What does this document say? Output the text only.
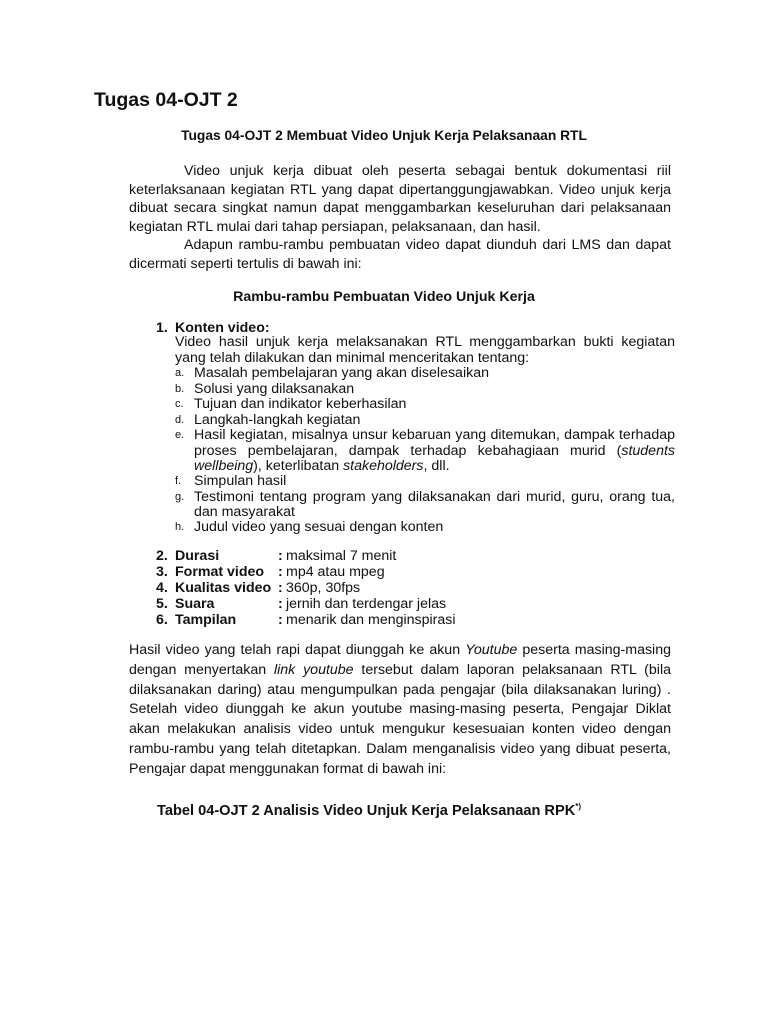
Tugas 04-OJT 2
Tugas 04-OJT 2 Membuat Video Unjuk Kerja Pelaksanaan RTL

Video unjuk kerja dibuat oleh peserta sebagai bentuk dokumentasi riil keterlaksanaan kegiatan RTL yang dapat dipertanggungjawabkan. Video unjuk kerja dibuat secara singkat namun dapat menggambarkan keseluruhan dari pelaksanaan kegiatan RTL mulai dari tahap persiapan, pelaksanaan, dan hasil.

Adapun rambu-rambu pembuatan video dapat diunduh dari LMS dan dapat dicermati seperti tertulis di bawah ini:

Rambu-rambu Pembuatan Video Unjuk Kerja
1. Konten video:
Video hasil unjuk kerja melaksanakan RTL menggambarkan bukti kegiatan yang telah dilakukan dan minimal menceritakan tentang:
a. Masalah pembelajaran yang akan diselesaikan
b. Solusi yang dilaksanakan
c. Tujuan dan indikator keberhasilan
d. Langkah-langkah kegiatan
e. Hasil kegiatan, misalnya unsur kebaruan yang ditemukan, dampak terhadap proses pembelajaran, dampak terhadap kebahagiaan murid (students wellbeing), keterlibatan stakeholders, dll.
f. Simpulan hasil
g. Testimoni tentang program yang dilaksanakan dari murid, guru, orang tua, dan masyarakat
h. Judul video yang sesuai dengan konten
2. Durasi	: maksimal 7 menit
3. Format video : mp4 atau mpeg
4. Kualitas video : 360p, 30fps
5. Suara	: jernih dan terdengar jelas
6. Tampilan	: menarik dan menginspirasi

Hasil video yang telah rapi dapat diunggah ke akun Youtube peserta masing-masing dengan menyertakan link youtube tersebut dalam laporan pelaksanaan RTL (bila dilaksanakan daring) atau mengumpulkan pada pengajar (bila dilaksanakan luring) . Setelah video diunggah ke akun youtube masing-masing peserta, Pengajar Diklat akan melakukan analisis video untuk mengukur kesesuaian konten video dengan rambu-rambu yang telah ditetapkan. Dalam menganalisis video yang dibuat peserta, Pengajar dapat menggunakan format di bawah ini:

Tabel 04-OJT 2 Analisis Video Unjuk Kerja Pelaksanaan RPK*)
